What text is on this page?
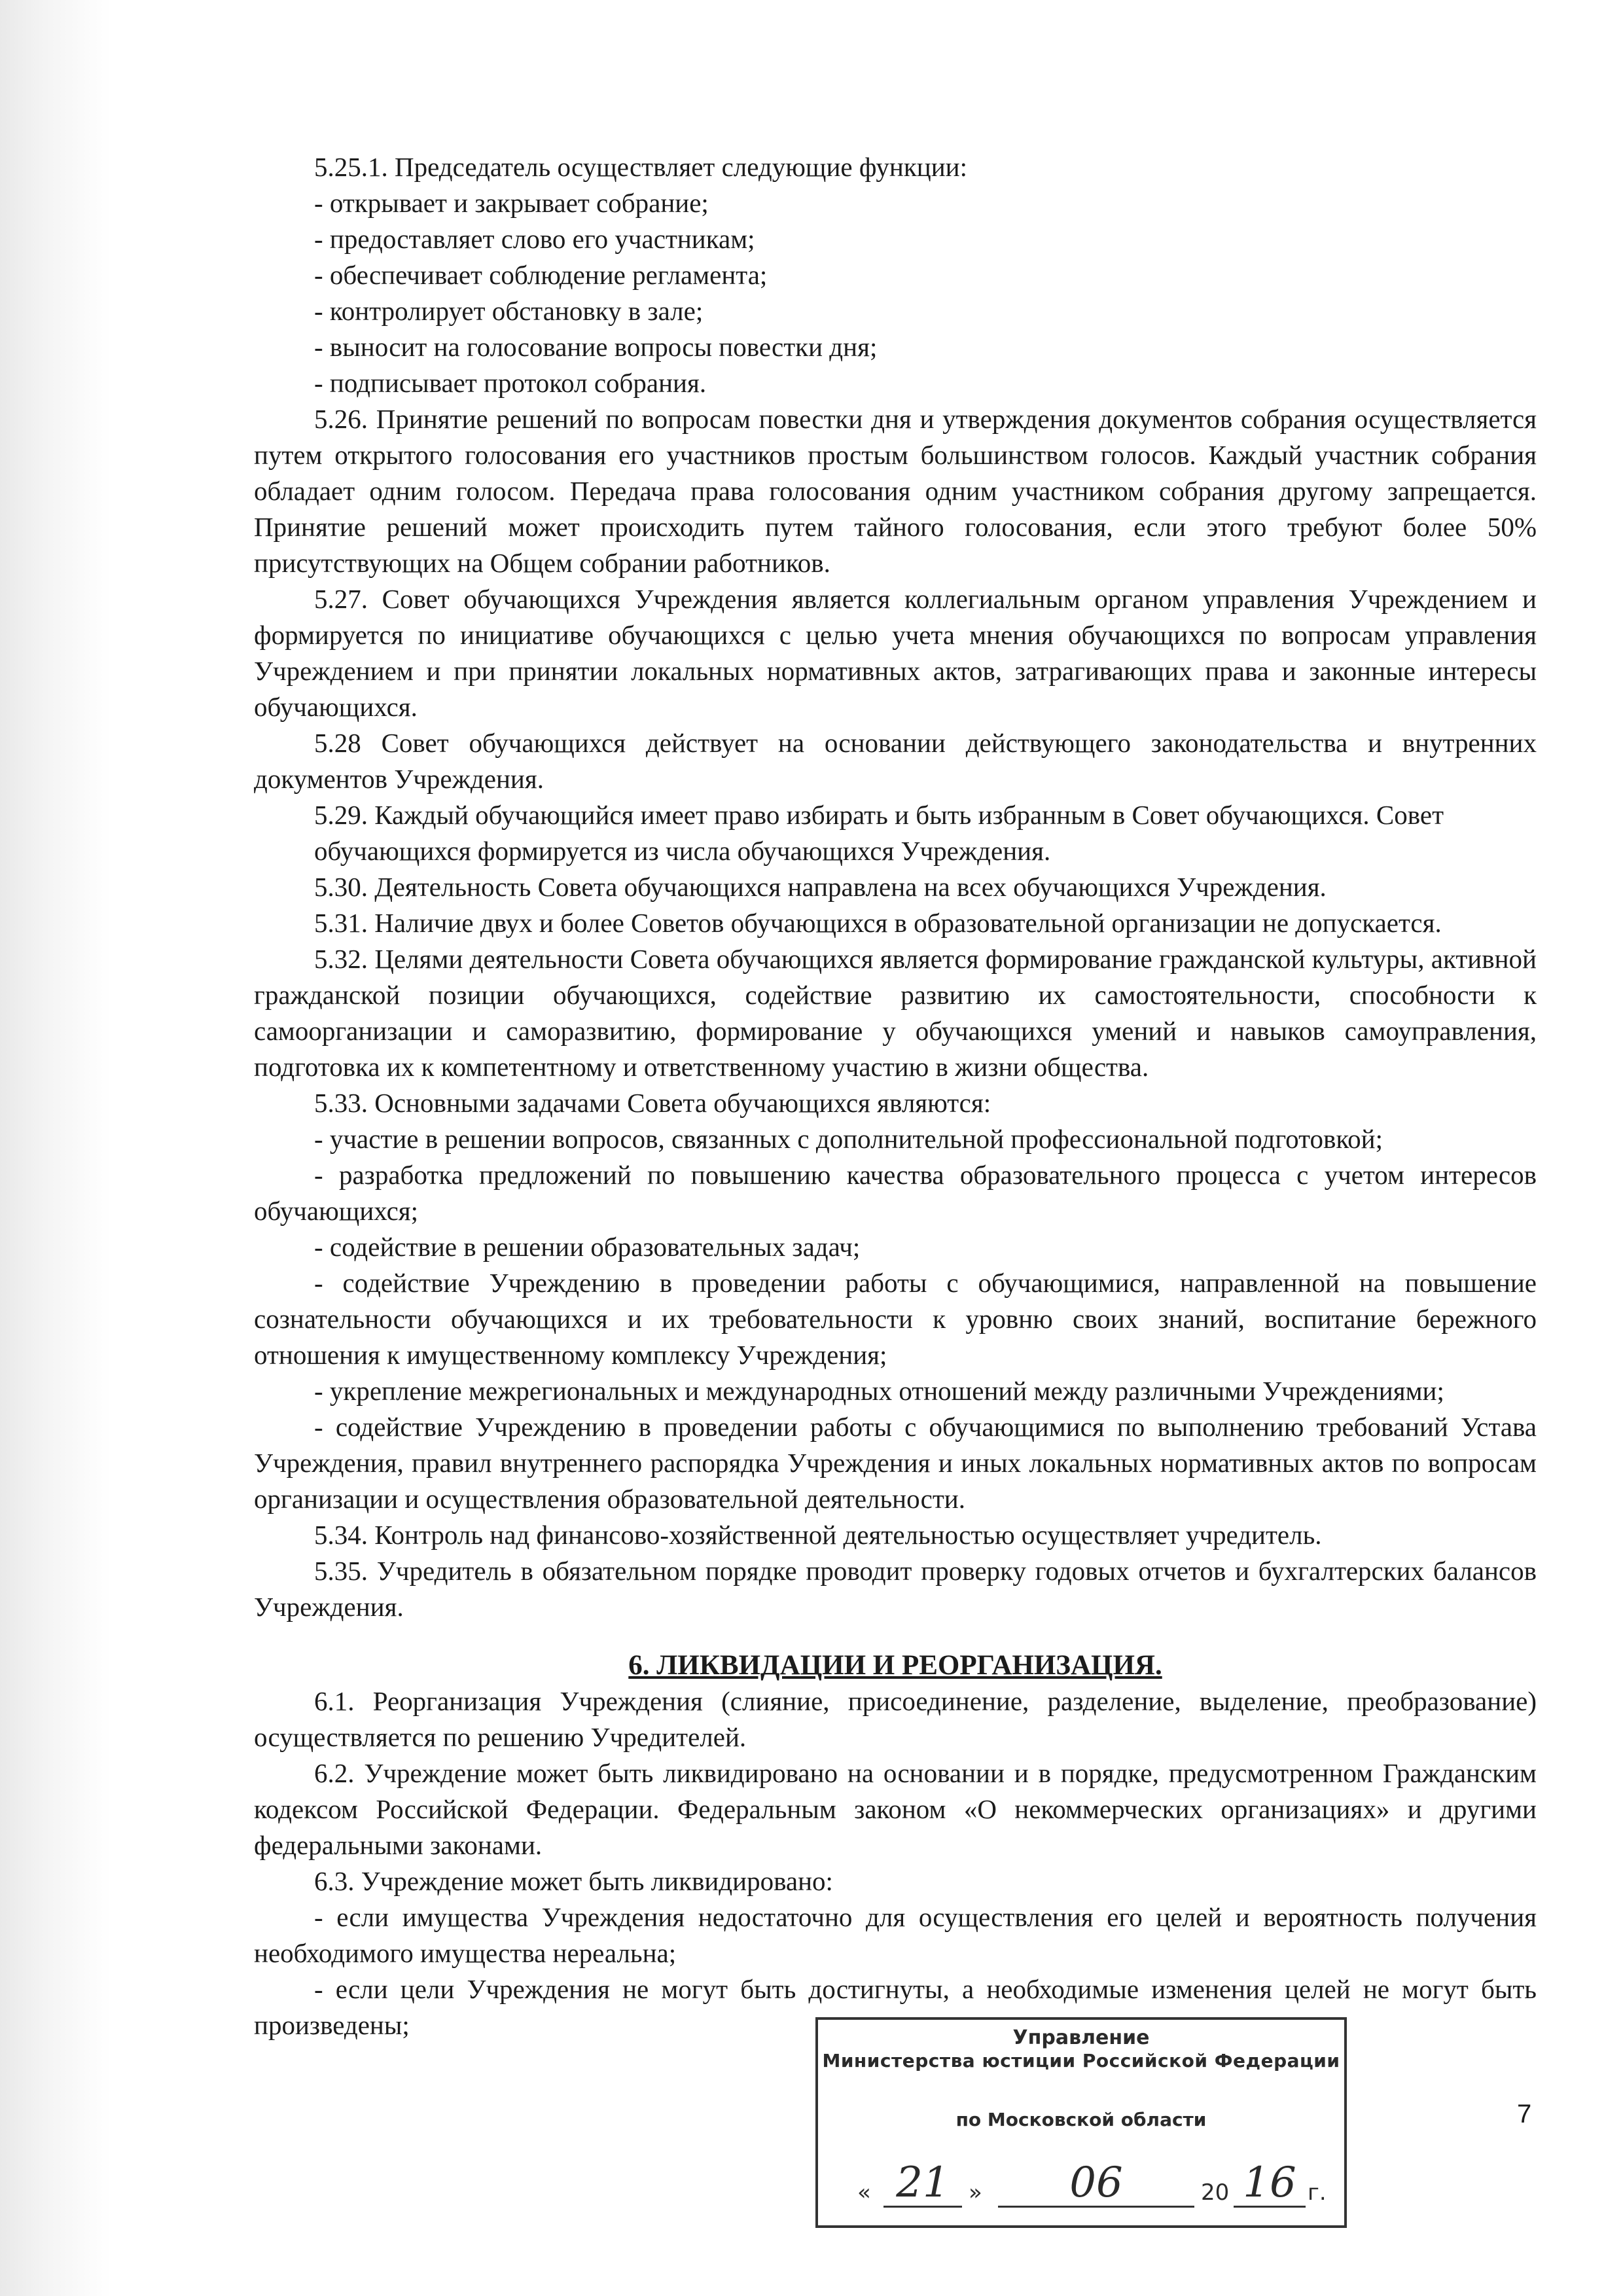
5.25.1. Председатель осуществляет следующие функции:

- открывает и закрывает собрание;

- предоставляет слово его участникам;

- обеспечивает соблюдение регламента;

- контролирует обстановку в зале;

- выносит на голосование вопросы повестки дня;

- подписывает протокол собрания.

5.26. Принятие решений по вопросам повестки дня и утверждения документов собрания осуществляется путем открытого голосования его участников простым большинством голосов. Каждый участник собрания обладает одним голосом. Передача права голосования одним участником собрания другому запрещается. Принятие решений может происходить путем тайного голосования, если этого требуют более 50% присутствующих на Общем собрании работников.

5.27. Совет обучающихся Учреждения является коллегиальным органом управления Учреждением и формируется по инициативе обучающихся с целью учета мнения обучающихся по вопросам управления Учреждением и при принятии локальных нормативных актов, затрагивающих права и законные интересы обучающихся.

5.28 Совет обучающихся действует на основании действующего законодательства и внутренних документов Учреждения.

5.29. Каждый обучающийся имеет право избирать и быть избранным в Совет обучающихся. Совет

обучающихся формируется из числа обучающихся Учреждения.

5.30. Деятельность Совета обучающихся направлена на всех обучающихся Учреждения.

5.31. Наличие двух и более Советов обучающихся в образовательной организации не допускается.

5.32. Целями деятельности Совета обучающихся является формирование гражданской культуры, активной гражданской позиции обучающихся, содействие развитию их самостоятельности, способности к самоорганизации и саморазвитию, формирование у обучающихся умений и навыков самоуправления, подготовка их к компетентному и ответственному участию в жизни общества.

5.33. Основными задачами Совета обучающихся являются:

- участие в решении вопросов, связанных с дополнительной профессиональной подготовкой;

- разработка предложений по повышению качества образовательного процесса с учетом интересов обучающихся;

- содействие в решении образовательных задач;

- содействие Учреждению в проведении работы с обучающимися, направленной на повышение сознательности обучающихся и их требовательности к уровню своих знаний, воспитание бережного отношения к имущественному комплексу Учреждения;

- укрепление межрегиональных и международных отношений между различными Учреждениями;

- содействие Учреждению в проведении работы с обучающимися по выполнению требований Устава Учреждения, правил внутреннего распорядка Учреждения и иных локальных нормативных актов по вопросам организации и осуществления образовательной деятельности.

5.34. Контроль над финансово-хозяйственной деятельностью осуществляет учредитель.

5.35. Учредитель в обязательном порядке проводит проверку годовых отчетов и бухгалтерских балансов Учреждения.

6. ЛИКВИДАЦИИ И РЕОРГАНИЗАЦИЯ.

6.1. Реорганизация Учреждения (слияние, присоединение, разделение, выделение, преобразование) осуществляется по решению Учредителей.

6.2. Учреждение может быть ликвидировано на основании и в порядке, предусмотренном Гражданским кодексом Российской Федерации. Федеральным законом «О некоммерческих организациях» и другими федеральными законами.

6.3. Учреждение может быть ликвидировано:

- если имущества Учреждения недостаточно для осуществления его целей и вероятность получения необходимого имущества нереальна;

- если цели Учреждения не могут быть достигнуты, а необходимые изменения целей не могут быть произведены;

7
Управление
Министерства юстиции Российской Федерации
по Московской области
« 21 »	06	20 16 г.
